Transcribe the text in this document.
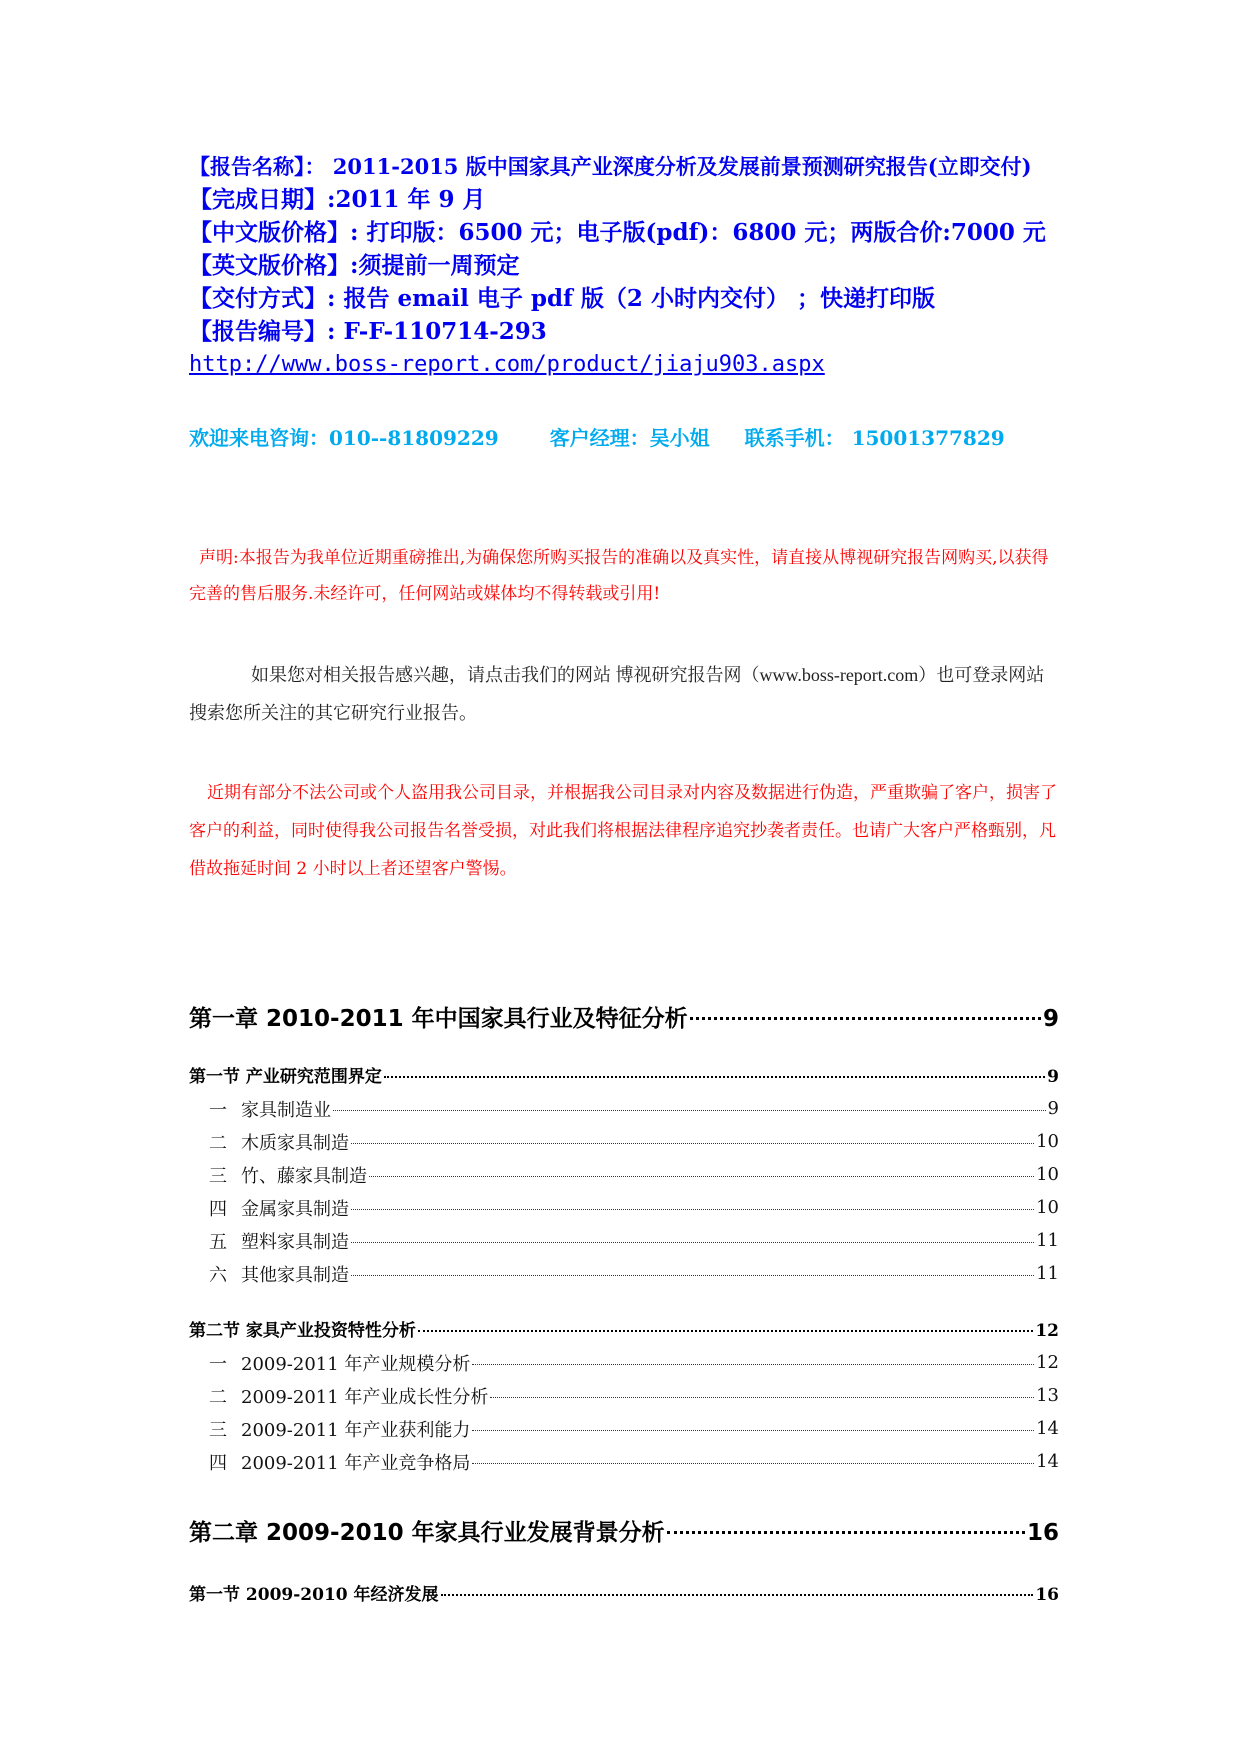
【报告名称】： 2011-2015 版中国家具产业深度分析及发展前景预测研究报告(立即交付)
【完成日期】:2011 年 9 月
【中文版价格】: 打印版：6500 元；电子版(pdf)：6800 元；两版合价:7000 元
【英文版价格】:须提前一周预定
【交付方式】: 报告 email 电子 pdf 版（2 小时内交付） ；快递打印版
【报告编号】: F-F-110714-293
http://www.boss-report.com/product/jiaju903.aspx
欢迎来电咨询：010--81809229	客户经理：吴小姐 联系手机： 15001377829
声明:本报告为我单位近期重磅推出,为确保您所购买报告的准确以及真实性，请直接从博视研究报告网购买,以获得完善的售后服务.未经许可，任何网站或媒体均不得转载或引用!
如果您对相关报告感兴趣，请点击我们的网站 博视研究报告网（www.boss-report.com）也可登录网站搜索您所关注的其它研究行业报告。
近期有部分不法公司或个人盗用我公司目录，并根据我公司目录对内容及数据进行伪造，严重欺骗了客户，损害了客户的利益，同时使得我公司报告名誉受损，对此我们将根据法律程序追究抄袭者责任。也请广大客户严格甄别，凡借故拖延时间 2 小时以上者还望客户警惕。
第一章 2010-2011 年中国家具行业及特征分析	9
第一节 产业研究范围界定	9
一 家具制造业	9
二 木质家具制造	10
三 竹、藤家具制造	10
四 金属家具制造	10
五 塑料家具制造	11
六 其他家具制造	11
第二节 家具产业投资特性分析	12
一 2009-2011 年产业规模分析	12
二 2009-2011 年产业成长性分析	13
三 2009-2011 年产业获利能力	14
四 2009-2011 年产业竞争格局	14
第二章 2009-2010 年家具行业发展背景分析	16
第一节 2009-2010 年经济发展	16
